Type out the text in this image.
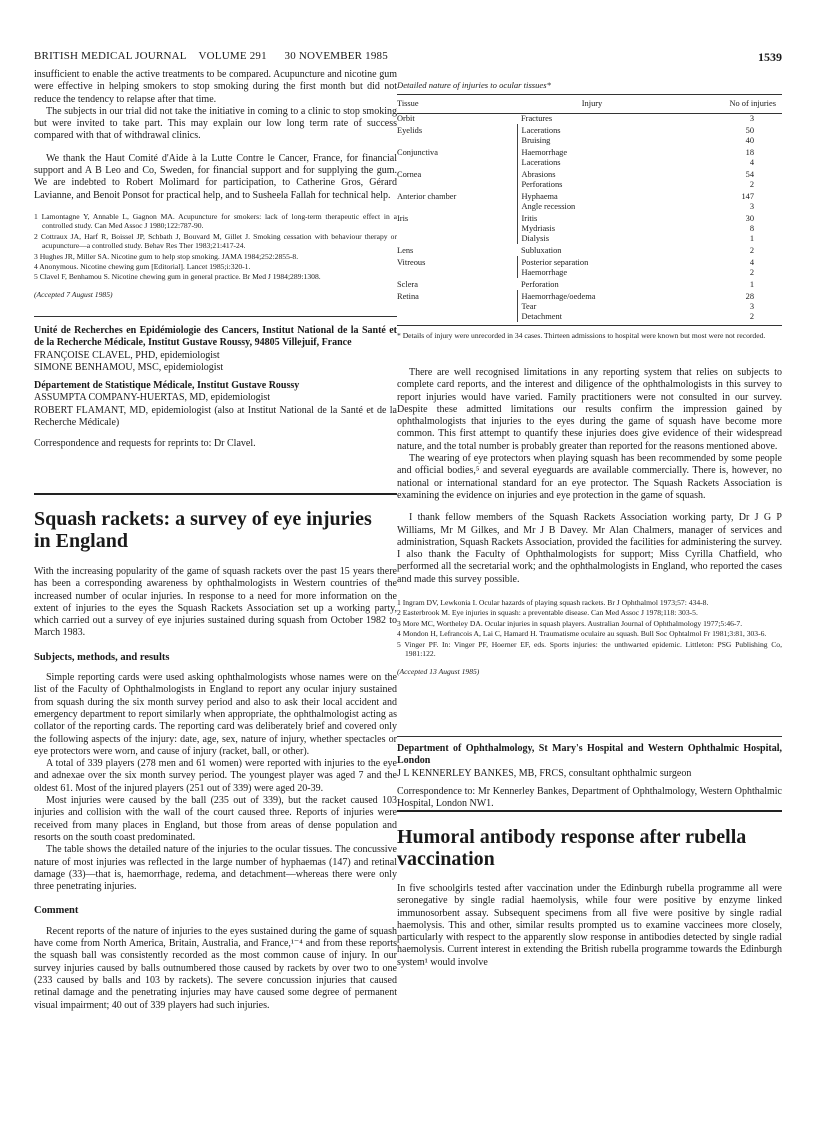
BRITISH MEDICAL JOURNAL VOLUME 291 30 NOVEMBER 1985	1539

insufficient to enable the active treatments to be compared. Acupuncture and nicotine gum were effective in helping smokers to stop smoking during the first month but did not reduce the tendency to relapse after that time.

The subjects in our trial did not take the initiative in coming to a clinic to stop smoking but were invited to take part. This may explain our low long term rate of success compared with that of withdrawal clinics.

We thank the Haut Comité d'Aide à la Lutte Contre le Cancer, France, for financial support and A B Leo and Co, Sweden, for financial support and for supplying the gum. We are indebted to Robert Molimard for participation, to Catherine Gros, Gérard Lavianne, and Benoit Ponsot for practical help, and to Susheela Fallah for technical help.

1 Lamontagne Y, Annable L, Gagnon MA. Acupuncture for smokers: lack of long-term therapeutic effect in a controlled study. Can Med Assoc J 1980;122:787-90.
2 Cottraux JA, Harf R, Boissel JP, Schbath J, Bouvard M, Gillet J. Smoking cessation with behaviour therapy or acupuncture—a controlled study. Behav Res Ther 1983;21:417-24.
3 Hughes JR, Miller SA. Nicotine gum to help stop smoking. JAMA 1984;252:2855-8.
4 Anonymous. Nicotine chewing gum [Editorial]. Lancet 1985;i:320-1.
5 Clavel F, Benhamou S. Nicotine chewing gum in general practice. Br Med J 1984;289:1308.
(Accepted 7 August 1985)

Unité de Recherches en Epidémiologie des Cancers, Institut National de la Santé et de la Recherche Médicale, Institut Gustave Roussy, 94805 Villejuif, France

FRANÇOISE CLAVEL, PHD, epidemiologist

SIMONE BENHAMOU, MSC, epidemiologist

Département de Statistique Médicale, Institut Gustave Roussy

ASSUMPTA COMPANY-HUERTAS, MD, epidemiologist

ROBERT FLAMANT, MD, epidemiologist (also at Institut National de la Santé et de la Recherche Médicale)

Correspondence and requests for reprints to: Dr Clavel.

Squash rackets: a survey of eye injuries in England

With the increasing popularity of the game of squash rackets over the past 15 years there has been a corresponding awareness by ophthalmologists in Western countries of the increased number of ocular injuries. In response to a need for more information on the extent of injuries to the eyes the Squash Rackets Association set up a working party, which carried out a survey of eye injuries sustained during squash from October 1982 to March 1983.

Subjects, methods, and results

Simple reporting cards were used asking ophthalmologists whose names were on the list of the Faculty of Ophthalmologists in England to report any ocular injury sustained from squash during the six month survey period and also to ask their local accident and emergency department to report similarly when appropriate, the ophthalmologist acting as collator of the reporting cards. The reporting card was deliberately brief and covered only the following aspects of the injury: date, age, sex, nature of injury, whether spectacles or eye protectors were worn, and cause of injury (racket, ball, or other).

A total of 339 players (278 men and 61 women) were reported with injuries to the eye and adnexae over the six month survey period. The youngest player was aged 7 and the oldest 61. Most of the injured players (251 out of 339) were aged 20-39.

Most injuries were caused by the ball (235 out of 339), but the racket caused 103 injuries and collision with the wall of the court caused three. Reports of injuries were received from many places in England, but those from areas of dense population and resorts on the south coast predominated.

The table shows the detailed nature of the injuries to the ocular tissues. The concussive nature of most injuries was reflected in the large number of hyphaemas (147) and retinal damage (33)—that is, haemorrhage, redema, and detachment—whereas there were only three penetrating injuries.

Comment

Recent reports of the nature of injuries to the eyes sustained during the game of squash have come from North America, Britain, Australia, and France,¹⁻⁴ and from these reports the squash ball was consistently recorded as the most common cause of injury. In our survey injuries caused by balls outnumbered those caused by rackets by over two to one (233 caused by balls and 103 by rackets). The severe concussion injuries that caused retinal damage and the penetrating injuries may have caused some degree of permanent visual impairment; 40 out of 339 players had such injuries.

Detailed nature of injuries to ocular tissues*
Tissue	Injury	No of injuries
Orbit	Fractures	3
Eyelids	Lacerations	50
	Bruising	40
Conjunctiva	Haemorrhage	18
	Lacerations	4
Cornea	Abrasions	54
	Perforations	2
Anterior chamber	Hyphaema	147
	Angle recession	3
Iris	Iritis	30
	Mydriasis	8
	Dialysis	1
Lens	Subluxation	2
Vitreous	Posterior separation	4
	Haemorrhage	2
Sclera	Perforation	1
Retina	Haemorrhage/oedema	28
	Tear	3
	Detachment	2
* Details of injury were unrecorded in 34 cases. Thirteen admissions to hospital were known but most were not recorded.

There are well recognised limitations in any reporting system that relies on subjects to complete card reports, and the interest and diligence of the ophthalmologists in this survey to report injuries would have varied. Family practitioners were not consulted in our survey. Despite these admitted limitations our results confirm the impression gained by ophthalmologists that injuries to the eyes during the game of squash have become more common. This first attempt to quantify these injuries does give evidence of their widespread nature, and the total number is probably greater than reported for the reasons mentioned above.

The wearing of eye protectors when playing squash has been recommended by some people and official bodies,⁵ and several eyeguards are available commercially. There is, however, no national or international standard for an eye protector. The Squash Rackets Association is examining the evidence on injuries and eye protection in the game of squash.

I thank fellow members of the Squash Rackets Association working party, Dr J G P Williams, Mr M Gilkes, and Mr J B Davey. Mr Alan Chalmers, manager of services and administration, Squash Rackets Association, provided the facilities for administering the survey. I also thank the Faculty of Ophthalmologists for support; Miss Cyrilla Chatfield, who performed all the secretarial work; and the ophthalmologists in England, who reported the cases and made this survey possible.

1 Ingram DV, Lewkonia I. Ocular hazards of playing squash rackets. Br J Ophthalmol 1973;57: 434-8.
2 Easterbrook M. Eye injuries in squash: a preventable disease. Can Med Assoc J 1978;118: 303-5.
3 More MC, Wortheley DA. Ocular injuries in squash players. Australian Journal of Ophthalmology 1977;5:46-7.
4 Mondon H, Lefrancois A, Lai C, Hamard H. Traumatisme oculaire au squash. Bull Soc Ophtalmol Fr 1981;3:81, 303-6.
5 Vinger PF. In: Vinger PF, Hoerner EF, eds. Sports injuries: the unthwarted epidemic. Littleton: PSG Publishing Co, 1981:122.
(Accepted 13 August 1985)

Department of Ophthalmology, St Mary's Hospital and Western Ophthalmic Hospital, London

J L KENNERLEY BANKES, MB, FRCS, consultant ophthalmic surgeon

Correspondence to: Mr Kennerley Bankes, Department of Ophthalmology, Western Ophthalmic Hospital, London NW1.

Humoral antibody response after rubella vaccination

In five schoolgirls tested after vaccination under the Edinburgh rubella programme all were seronegative by single radial haemolysis, while four were positive by enzyme linked immunosorbent assay. Subsequent specimens from all five were positive by single radial haemolysis. This and other, similar results prompted us to examine vaccinees more closely, particularly with respect to the apparently slow response in antibodies detected by single radial haemolysis. Current interest in extending the British rubella programme towards the Edinburgh system¹ would involve
